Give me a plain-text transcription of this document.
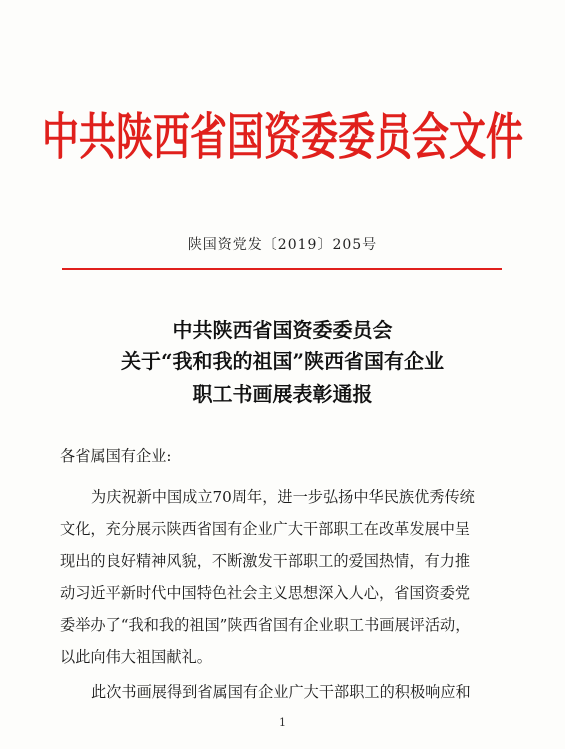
中共陕西省国资委委员会文件
陕国资党发〔2019〕205号
中共陕西省国资委委员会
关于“我和我的祖国”陕西省国有企业
职工书画展表彰通报
各省属国有企业:
为庆祝新中国成立70周年，进一步弘扬中华民族优秀传统
文化，充分展示陕西省国有企业广大干部职工在改革发展中呈
现出的良好精神风貌，不断激发干部职工的爱国热情，有力推
动习近平新时代中国特色社会主义思想深入人心，省国资委党
委举办了“我和我的祖国”陕西省国有企业职工书画展评活动，
以此向伟大祖国献礼。
此次书画展得到省属国有企业广大干部职工的积极响应和
1
